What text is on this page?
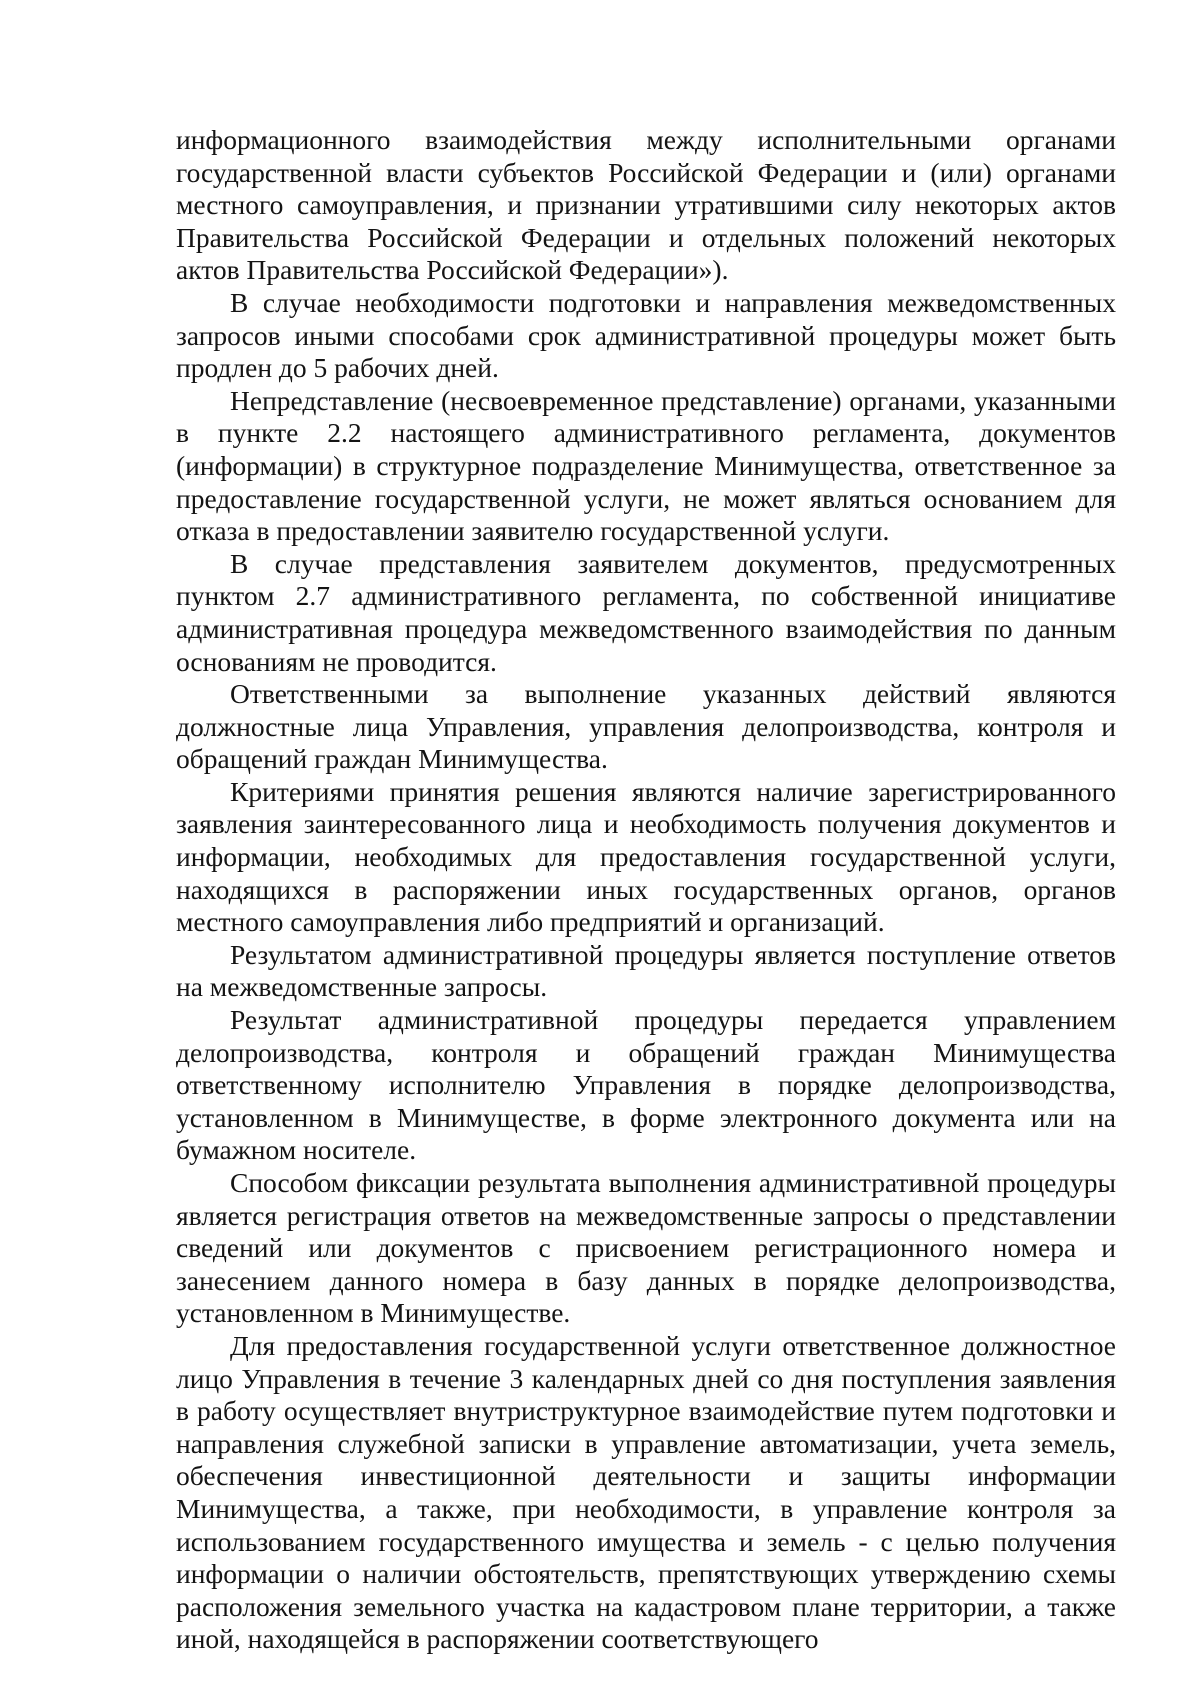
информационного взаимодействия между исполнительными органами государственной власти субъектов Российской Федерации и (или) органами местного самоуправления, и признании утратившими силу некоторых актов Правительства Российской Федерации и отдельных положений некоторых актов Правительства Российской Федерации»).

В случае необходимости подготовки и направления межведомственных запросов иными способами срок административной процедуры может быть продлен до 5 рабочих дней.

Непредставление (несвоевременное представление) органами, указанными в пункте 2.2 настоящего административного регламента, документов (информации) в структурное подразделение Минимущества, ответственное за предоставление государственной услуги, не может являться основанием для отказа в предоставлении заявителю государственной услуги.

В случае представления заявителем документов, предусмотренных пунктом 2.7 административного регламента, по собственной инициативе административная процедура межведомственного взаимодействия по данным основаниям не проводится.

Ответственными за выполнение указанных действий являются должностные лица Управления, управления делопроизводства, контроля и обращений граждан Минимущества.

Критериями принятия решения являются наличие зарегистрированного заявления заинтересованного лица и необходимость получения документов и информации, необходимых для предоставления государственной услуги, находящихся в распоряжении иных государственных органов, органов местного самоуправления либо предприятий и организаций.

Результатом административной процедуры является поступление ответов на межведомственные запросы.

Результат административной процедуры передается управлением делопроизводства, контроля и обращений граждан Минимущества ответственному исполнителю Управления в порядке делопроизводства, установленном в Минимуществе, в форме электронного документа или на бумажном носителе.

Способом фиксации результата выполнения административной процедуры является регистрация ответов на межведомственные запросы о представлении сведений или документов с присвоением регистрационного номера и занесением данного номера в базу данных в порядке делопроизводства, установленном в Минимуществе.

Для предоставления государственной услуги ответственное должностное лицо Управления в течение 3 календарных дней со дня поступления заявления в работу осуществляет внутриструктурное взаимодействие путем подготовки и направления служебной записки в управление автоматизации, учета земель, обеспечения инвестиционной деятельности и защиты информации Минимущества, а также, при необходимости, в управление контроля за использованием государственного имущества и земель - с целью получения информации о наличии обстоятельств, препятствующих утверждению схемы расположения земельного участка на кадастровом плане территории, а также иной, находящейся в распоряжении соответствующего
